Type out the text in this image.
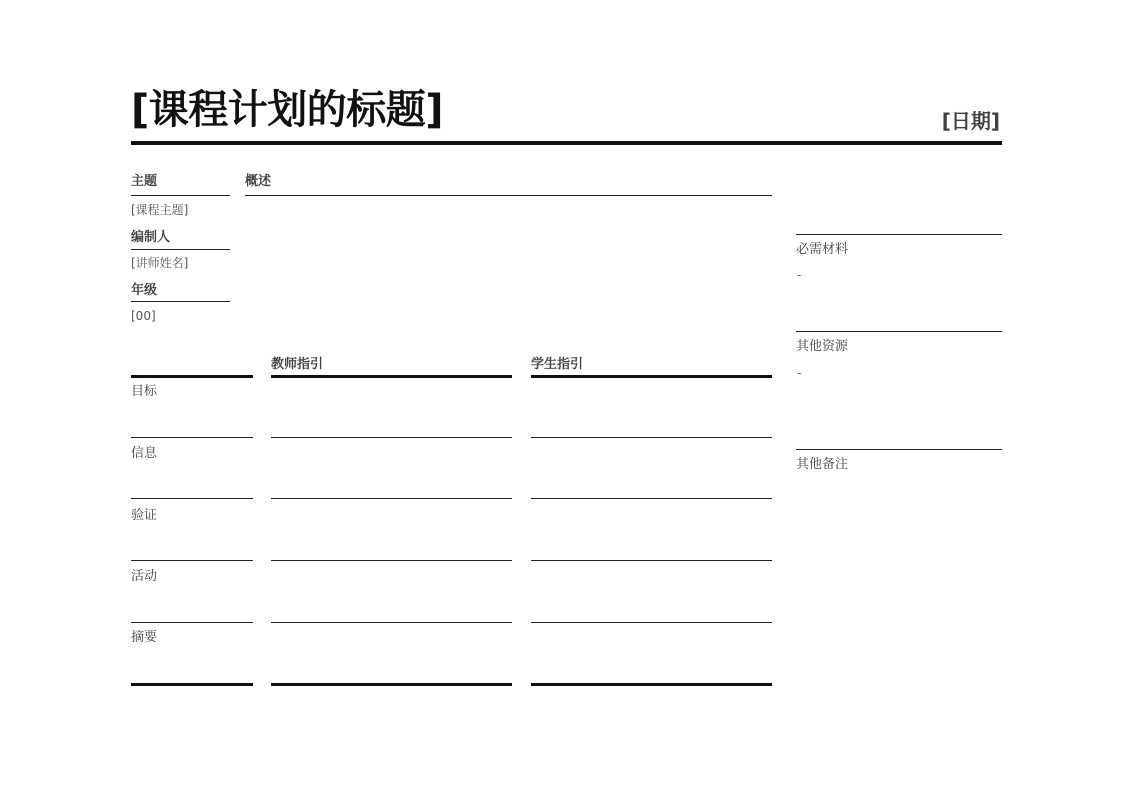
[课程计划的标题]	[日期]
主题
[课程主题]
编制人
[讲师姓名]
年级
[00]
概述
教师指引	学生指引
目标
信息
验证
活动
摘要
必需材料
-
其他资源
-
其他备注
